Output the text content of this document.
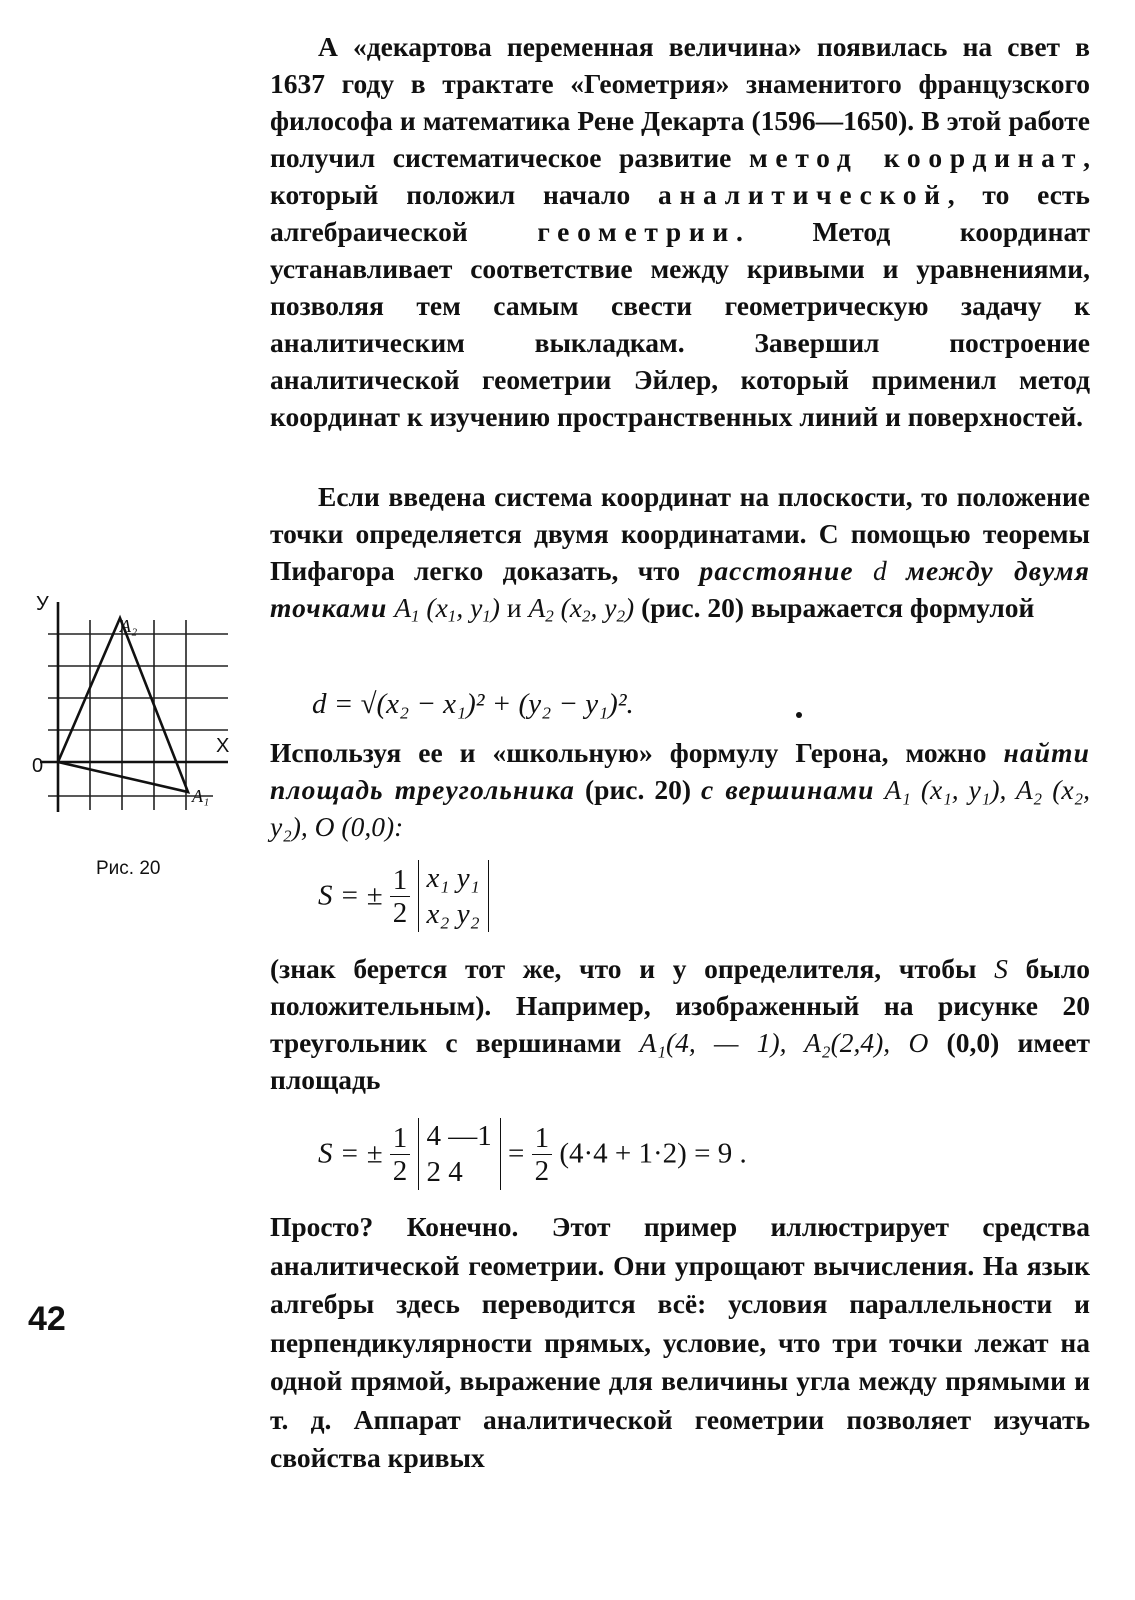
А «декартова переменная величина» появилась на свет в 1637 году в трактате «Геометрия» знаменитого французского философа и математика Рене Декарта (1596—1650). В этой работе получил систематическое развитие метод координат, который положил начало аналитической, то есть алгебраической геометрии. Метод координат устанавливает соответствие между кривыми и уравнениями, позволяя тем самым свести геометрическую задачу к аналитическим выкладкам. Завершил построение аналитической геометрии Эйлер, который применил метод координат к изучению пространственных линий и поверхностей.
Если введена система координат на плоскости, то положение точки определяется двумя координатами. С помощью теоремы Пифагора легко доказать, что расстояние d между двумя точками $A_1$ ($x_1$, $y_1$) и $A_2$ ($x_2$, $y_2$) (рис. 20) выражается формулой
d = √(x₂ − x₁)² + (y₂ − y₁)².
Используя ее и «школьную» формулу Герона, можно найти площадь треугольника (рис. 20) с вершинами A₁ (x₁, y₁), A₂ (x₂, y₂), O (0,0):
S = ± $\frac{1}{2}$
x₁ y₁
x₂ y₂
(знак берется тот же, что и у определителя, чтобы S было положительным). Например, изображенный на рисунке 20 треугольник с вершинами A₁(4, — 1), A₂(2,4), O (0,0) имеет площадь
S = ± $\frac{1}{2}$
4 —1
2 4
= $\frac{1}{2} (4\cdot 4 + 1\cdot 2) = 9$ .
Просто? Конечно. Этот пример иллюстрирует средства аналитической геометрии. Они упрощают вычисления. На язык алгебры здесь переводится всё: условия параллельности и перпендикулярности прямых, условие, что три точки лежат на одной прямой, выражение для величины угла между прямыми и т. д. Аппарат аналитической геометрии позволяет изучать свойства кривых
У
Х
0
A₂
A₁
Рис. 20
42
